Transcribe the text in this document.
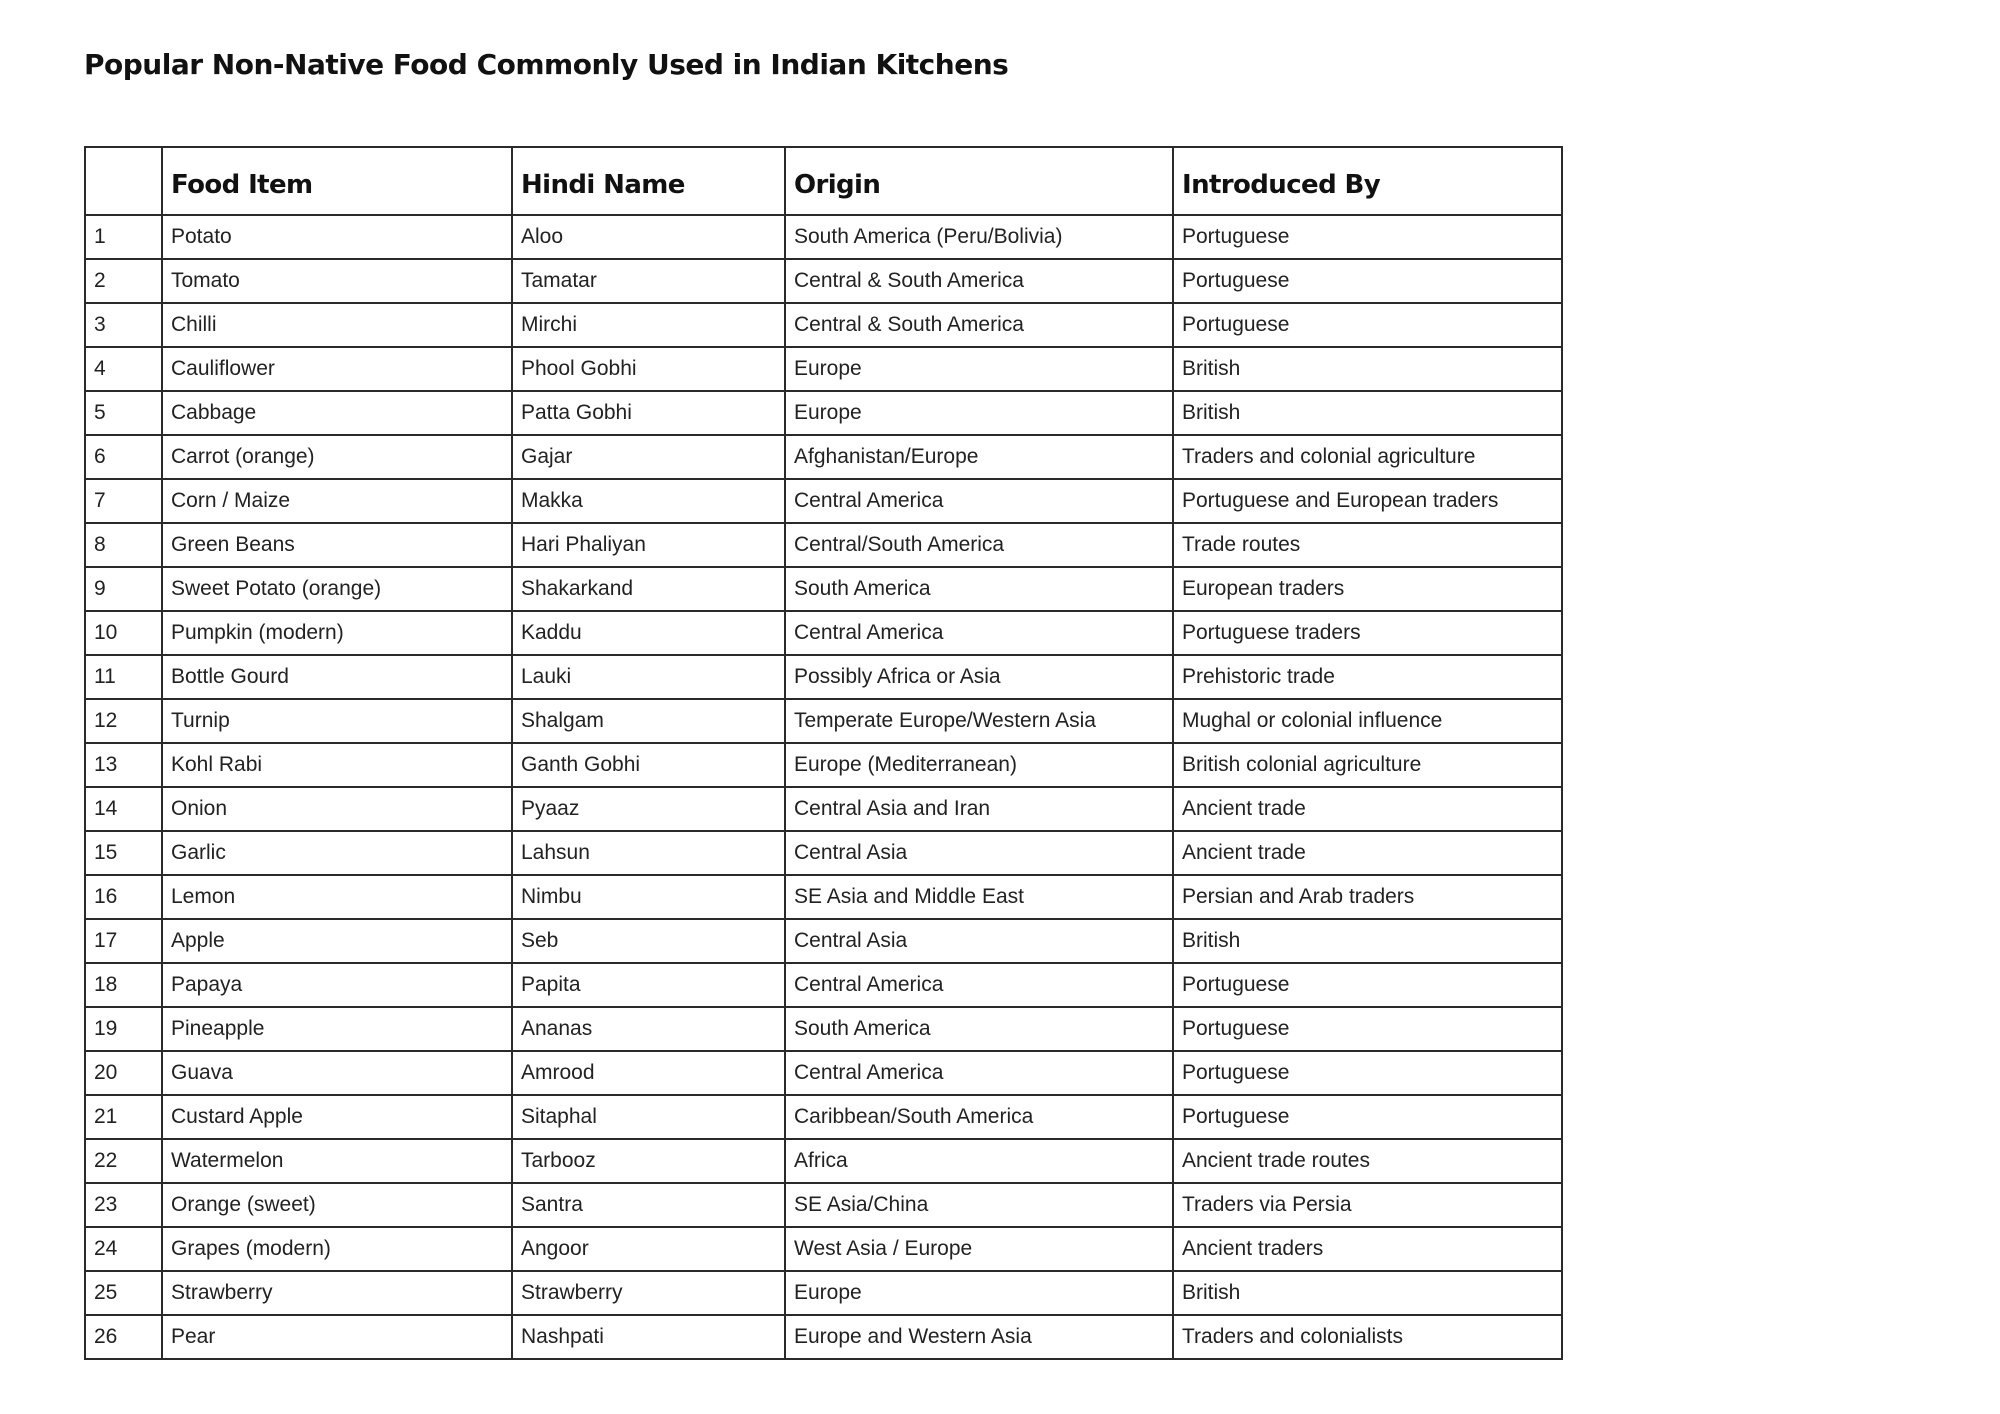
Popular Non-Native Food Commonly Used in Indian Kitchens
	Food Item	Hindi Name	Origin	Introduced By
1	Potato	Aloo	South America (Peru/Bolivia)	Portuguese
2	Tomato	Tamatar	Central & South America	Portuguese
3	Chilli	Mirchi	Central & South America	Portuguese
4	Cauliflower	Phool Gobhi	Europe	British
5	Cabbage	Patta Gobhi	Europe	British
6	Carrot (orange)	Gajar	Afghanistan/Europe	Traders and colonial agriculture
7	Corn / Maize	Makka	Central America	Portuguese and European traders
8	Green Beans	Hari Phaliyan	Central/South America	Trade routes
9	Sweet Potato (orange)	Shakarkand	South America	European traders
10	Pumpkin (modern)	Kaddu	Central America	Portuguese traders
11	Bottle Gourd	Lauki	Possibly Africa or Asia	Prehistoric trade
12	Turnip	Shalgam	Temperate Europe/Western Asia	Mughal or colonial influence
13	Kohl Rabi	Ganth Gobhi	Europe (Mediterranean)	British colonial agriculture
14	Onion	Pyaaz	Central Asia and Iran	Ancient trade
15	Garlic	Lahsun	Central Asia	Ancient trade
16	Lemon	Nimbu	SE Asia and Middle East	Persian and Arab traders
17	Apple	Seb	Central Asia	British
18	Papaya	Papita	Central America	Portuguese
19	Pineapple	Ananas	South America	Portuguese
20	Guava	Amrood	Central America	Portuguese
21	Custard Apple	Sitaphal	Caribbean/South America	Portuguese
22	Watermelon	Tarbooz	Africa	Ancient trade routes
23	Orange (sweet)	Santra	SE Asia/China	Traders via Persia
24	Grapes (modern)	Angoor	West Asia / Europe	Ancient traders
25	Strawberry	Strawberry	Europe	British
26	Pear	Nashpati	Europe and Western Asia	Traders and colonialists
